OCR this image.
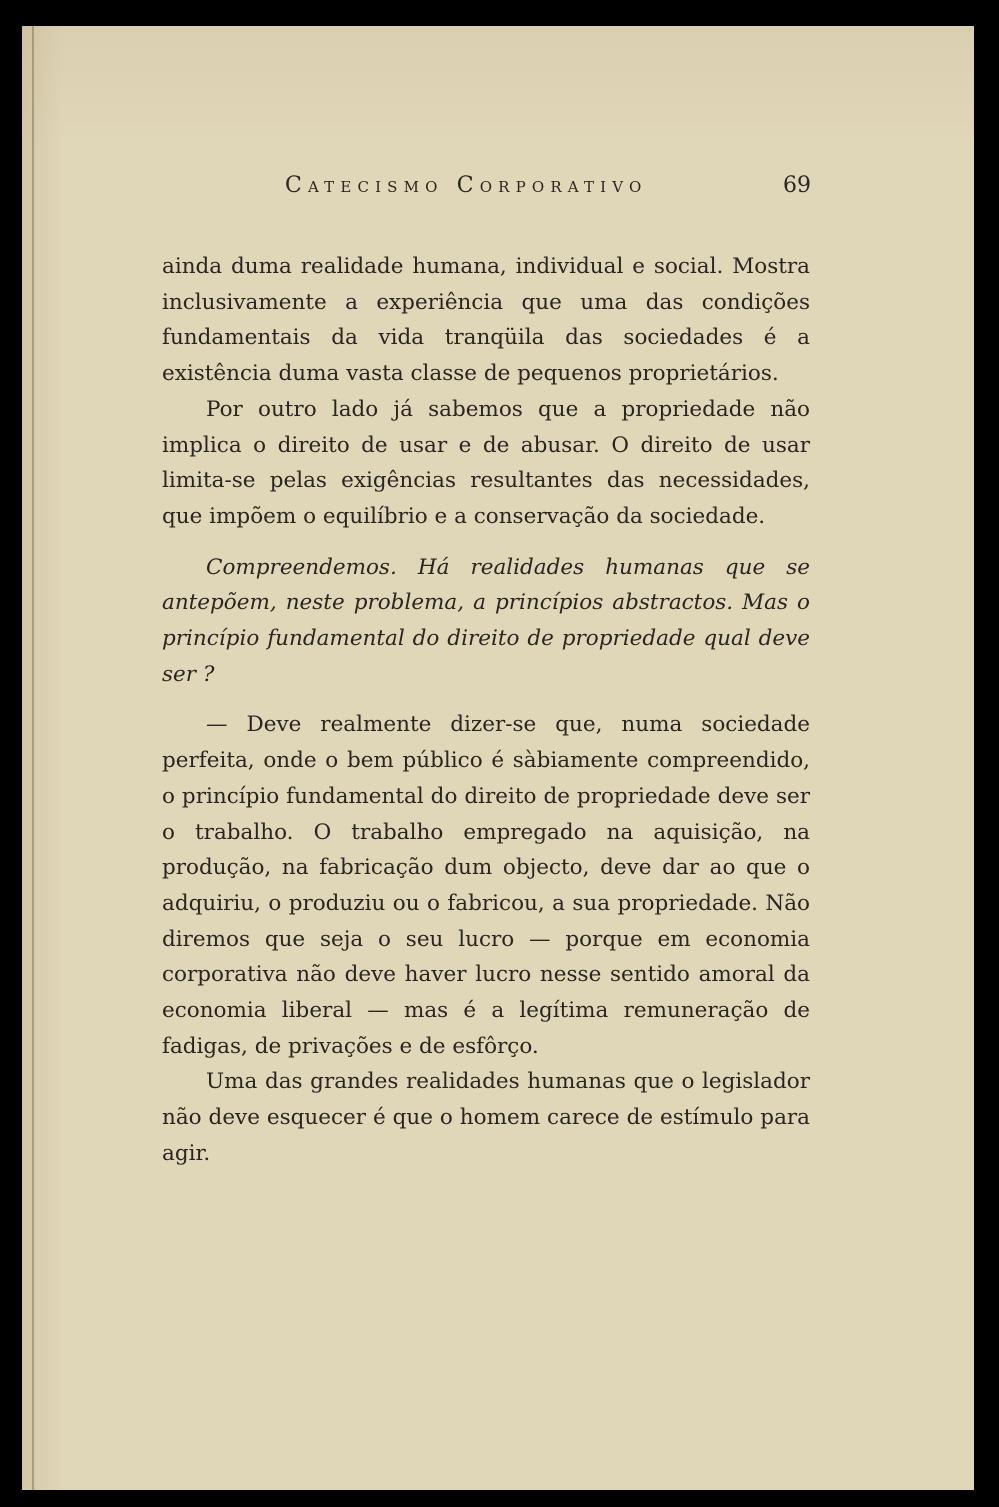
Catecismo Corporativo	69

ainda duma realidade humana, individual e social. Mostra inclusivamente a experiência que uma das condições fundamentais da vida tranqüila das sociedades é a existência duma vasta classe de pequenos proprietários.

Por outro lado já sabemos que a propriedade não implica o direito de usar e de abusar. O direito de usar limita-se pelas exigências resultantes das necessidades, que impõem o equilíbrio e a conservação da sociedade.

Compreendemos. Há realidades humanas que se antepõem, neste problema, a princípios abstractos. Mas o princípio fundamental do direito de propriedade qual deve ser ?

— Deve realmente dizer-se que, numa sociedade perfeita, onde o bem público é sàbiamente compreendido, o princípio fundamental do direito de propriedade deve ser o trabalho. O trabalho empregado na aquisição, na produção, na fabricação dum objecto, deve dar ao que o adquiriu, o produziu ou o fabricou, a sua propriedade. Não diremos que seja o seu lucro — porque em economia corporativa não deve haver lucro nesse sentido amoral da economia liberal — mas é a legítima remuneração de fadigas, de privações e de esfôrço.

Uma das grandes realidades humanas que o legislador não deve esquecer é que o homem carece de estímulo para agir.
